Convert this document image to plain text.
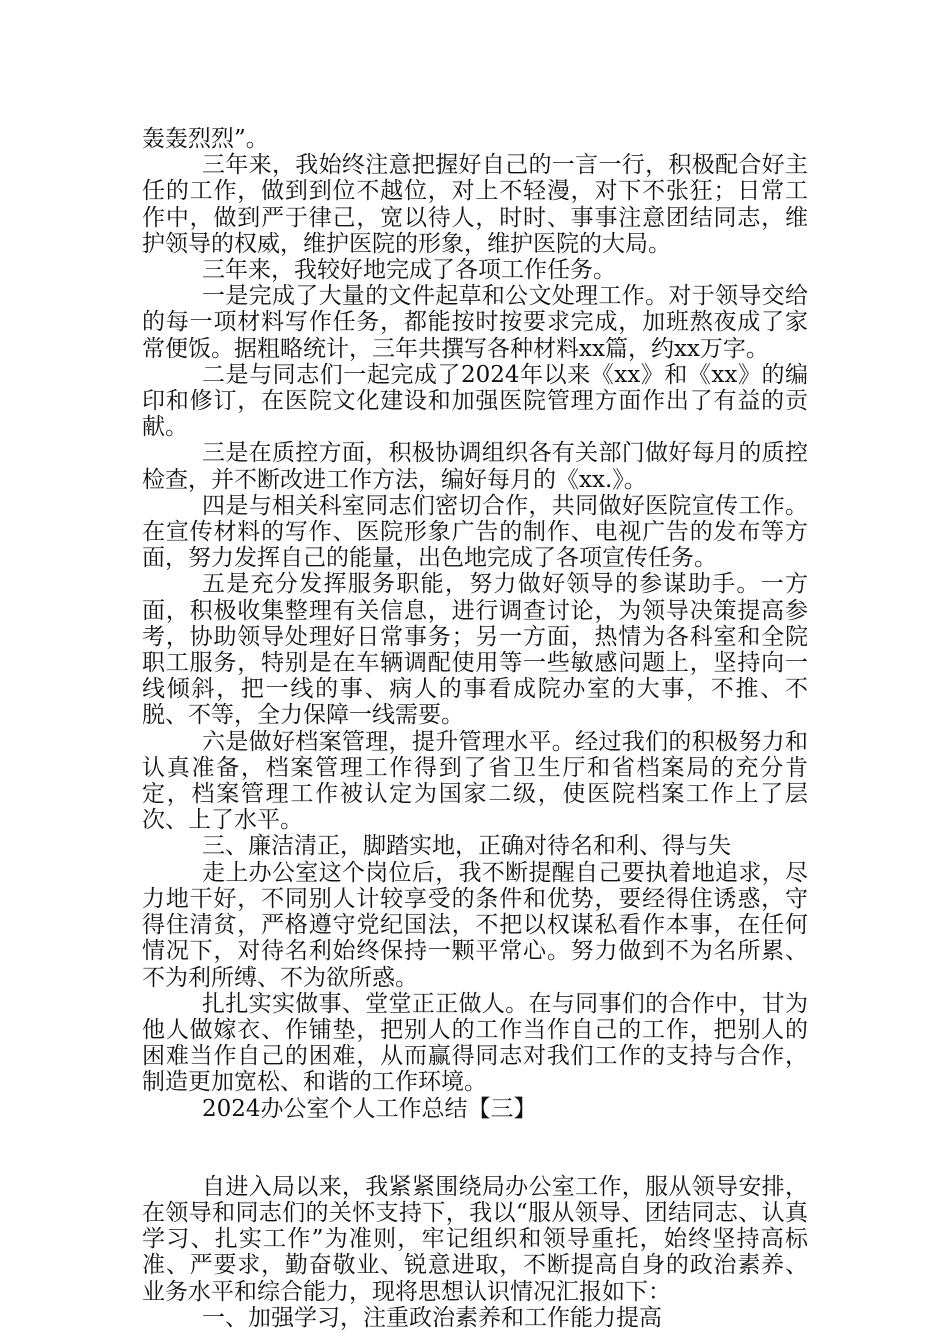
轰轰烈烈”。

三年来，我始终注意把握好自己的一言一行，积极配合好主任的工作，做到到位不越位，对上不轻漫，对下不张狂；日常工作中，做到严于律己，宽以待人，时时、事事注意团结同志，维护领导的权威，维护医院的形象，维护医院的大局。

三年来，我较好地完成了各项工作任务。

一是完成了大量的文件起草和公文处理工作。对于领导交给的每一项材料写作任务，都能按时按要求完成，加班熬夜成了家常便饭。据粗略统计，三年共撰写各种材料xx篇，约xx万字。

二是与同志们一起完成了2024年以来《xx》和《xx》的编印和修订，在医院文化建设和加强医院管理方面作出了有益的贡献。

三是在质控方面，积极协调组织各有关部门做好每月的质控检查，并不断改进工作方法，编好每月的《xx.》。

四是与相关科室同志们密切合作，共同做好医院宣传工作。在宣传材料的写作、医院形象广告的制作、电视广告的发布等方面，努力发挥自己的能量，出色地完成了各项宣传任务。

五是充分发挥服务职能，努力做好领导的参谋助手。一方面，积极收集整理有关信息，进行调查讨论，为领导决策提高参考，协助领导处理好日常事务；另一方面，热情为各科室和全院职工服务，特别是在车辆调配使用等一些敏感问题上，坚持向一线倾斜，把一线的事、病人的事看成院办室的大事，不推、不脱、不等，全力保障一线需要。

六是做好档案管理，提升管理水平。经过我们的积极努力和认真准备，档案管理工作得到了省卫生厅和省档案局的充分肯定，档案管理工作被认定为国家二级，使医院档案工作上了层次、上了水平。

三、廉洁清正，脚踏实地，正确对待名和利、得与失

走上办公室这个岗位后，我不断提醒自己要执着地追求，尽力地干好，不同别人计较享受的条件和优势，要经得住诱惑，守得住清贫，严格遵守党纪国法，不把以权谋私看作本事，在任何情况下，对待名利始终保持一颗平常心。努力做到不为名所累、不为利所缚、不为欲所惑。

扎扎实实做事、堂堂正正做人。在与同事们的合作中，甘为他人做嫁衣、作铺垫，把别人的工作当作自己的工作，把别人的困难当作自己的困难，从而赢得同志对我们工作的支持与合作，制造更加宽松、和谐的工作环境。

2024办公室个人工作总结【三】

自进入局以来，我紧紧围绕局办公室工作，服从领导安排，在领导和同志们的关怀支持下，我以“服从领导、团结同志、认真学习、扎实工作”为准则，牢记组织和领导重托，始终坚持高标准、严要求，勤奋敬业、锐意进取，不断提高自身的政治素养、业务水平和综合能力，现将思想认识情况汇报如下：

一、加强学习，注重政治素养和工作能力提高
